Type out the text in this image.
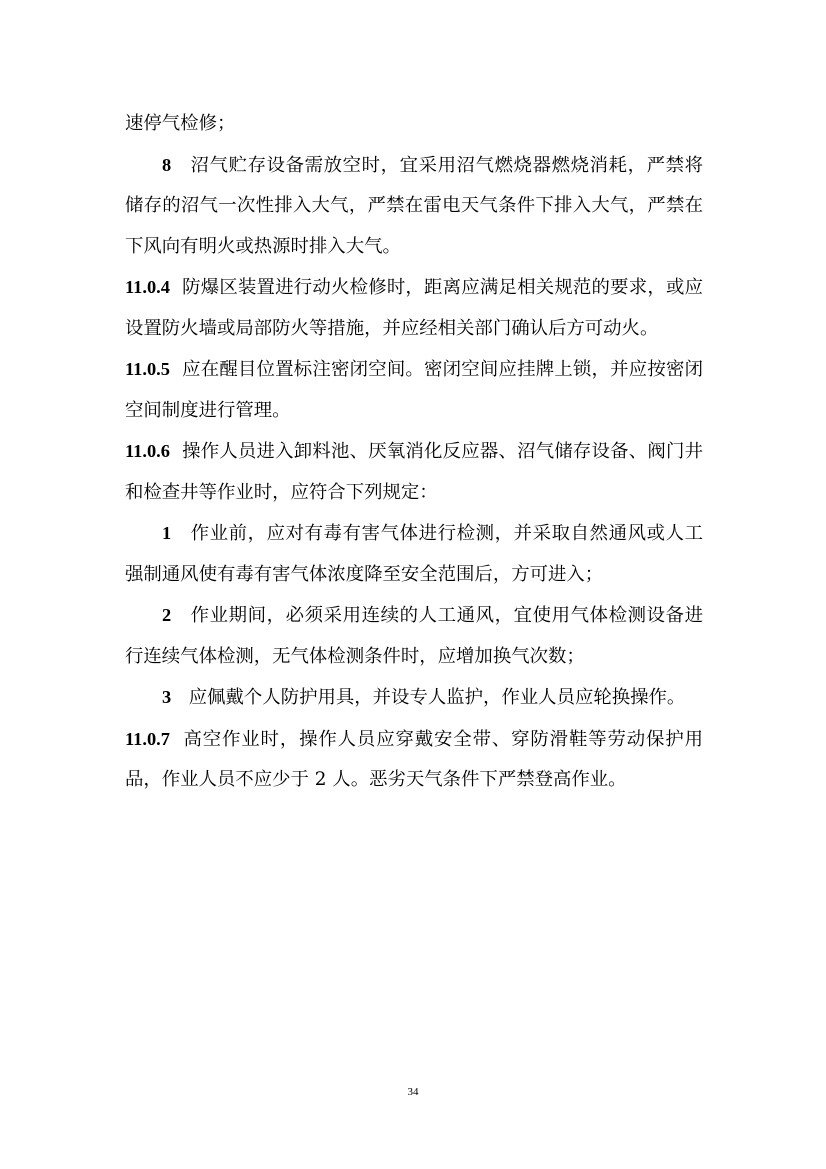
速停气检修；

8 沼气贮存设备需放空时，宜采用沼气燃烧器燃烧消耗，严禁将储存的沼气一次性排入大气，严禁在雷电天气条件下排入大气，严禁在下风向有明火或热源时排入大气。

11.0.4 防爆区装置进行动火检修时，距离应满足相关规范的要求，或应设置防火墙或局部防火等措施，并应经相关部门确认后方可动火。

11.0.5 应在醒目位置标注密闭空间。密闭空间应挂牌上锁，并应按密闭空间制度进行管理。

11.0.6 操作人员进入卸料池、厌氧消化反应器、沼气储存设备、阀门井和检查井等作业时，应符合下列规定：

1 作业前，应对有毒有害气体进行检测，并采取自然通风或人工强制通风使有毒有害气体浓度降至安全范围后，方可进入；

2 作业期间，必须采用连续的人工通风，宜使用气体检测设备进行连续气体检测，无气体检测条件时，应增加换气次数；

3 应佩戴个人防护用具，并设专人监护，作业人员应轮换操作。

11.0.7 高空作业时，操作人员应穿戴安全带、穿防滑鞋等劳动保护用品，作业人员不应少于 2 人。恶劣天气条件下严禁登高作业。

34
